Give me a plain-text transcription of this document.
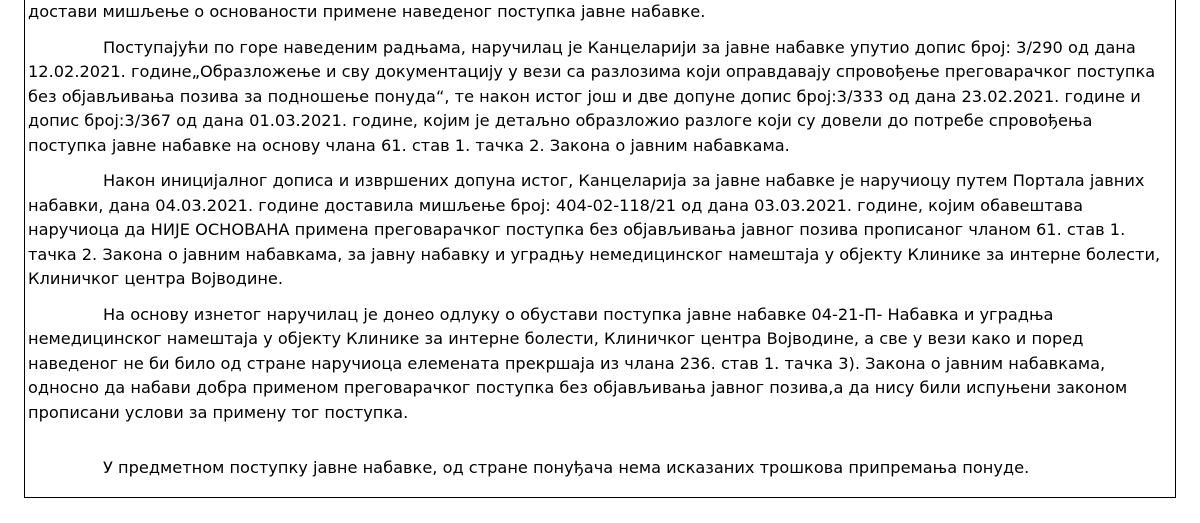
достави мишљење о основаности примене наведеног поступка јавне набавке.
Поступајући по горе наведеним радњама, наручилац је Канцеларији за јавне набавке упутио допис број: 3/290 од дана
12.02.2021. године„Образложење и сву документацију у вези са разлозима који оправдавају спровођење преговарачког поступка
без објављивања позива за подношење понуда“, те након истог још и две допуне допис број:3/333 од дана 23.02.2021. године и
допис број:3/367 од дана 01.03.2021. године, којим је детаљно образложио разлоге који су довели до потребе спровођења
поступка јавне набавке на основу члана 61. став 1. тачка 2. Закона о јавним набавкама.
Након иницијалног дописа и извршених допуна истог, Канцеларија за јавне набавке је наручиоцу путем Портала јавних
набавки, дана 04.03.2021. године доставила мишљење број: 404-02-118/21 од дана 03.03.2021. године, којим обавештава
наручиоца да НИЈЕ ОСНОВАНА примена преговарачког поступка без објављивања јавног позива прописаног чланом 61. став 1.
тачка 2. Закона о јавним набавкама, за јавну набавку и уградњу немедицинског намештаја у објекту Клинике за интерне болести,
Клиничког центра Војводине.
На основу изнетог наручилац је донео одлуку о обустави поступка јавне набавке 04-21-П- Набавка и уградња
немедицинског намештаја у објекту Клинике за интерне болести, Клиничког центра Војводине, а све у вези како и поред
наведеног не би било од стране наручиоца елемената прекршаја из члана 236. став 1. тачка 3). Закона о јавним набавкама,
односно да набави добра применом преговарачког поступка без објављивања јавног позива,а да нису били испуњени законом
прописани услови за примену тог поступка.
У предметном поступку јавне набавке, од стране понуђача нема исказаних трошкова припремања понуде.
